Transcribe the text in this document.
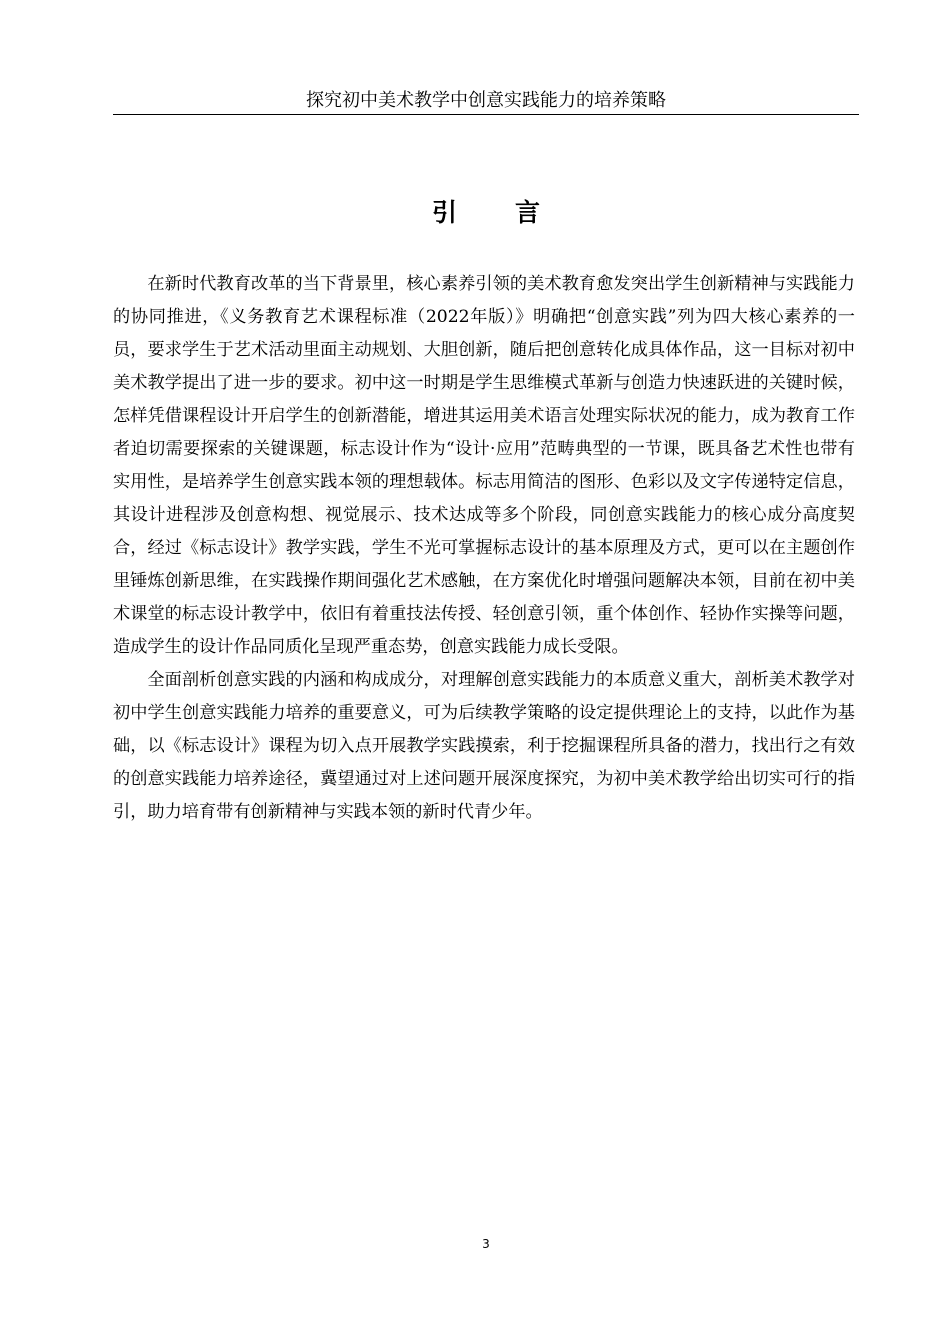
探究初中美术教学中创意实践能力的培养策略
引言

在新时代教育改革的当下背景里，核心素养引领的美术教育愈发突出学生创新精神与实践能力的协同推进，《义务教育艺术课程标准（2022年版）》明确把“创意实践”列为四大核心素养的一员，要求学生于艺术活动里面主动规划、大胆创新，随后把创意转化成具体作品，这一目标对初中美术教学提出了进一步的要求。初中这一时期是学生思维模式革新与创造力快速跃进的关键时候，怎样凭借课程设计开启学生的创新潜能，增进其运用美术语言处理实际状况的能力，成为教育工作者迫切需要探索的关键课题，标志设计作为“设计·应用”范畴典型的一节课，既具备艺术性也带有实用性，是培养学生创意实践本领的理想载体。标志用简洁的图形、色彩以及文字传递特定信息，其设计进程涉及创意构想、视觉展示、技术达成等多个阶段，同创意实践能力的核心成分高度契合，经过《标志设计》教学实践，学生不光可掌握标志设计的基本原理及方式，更可以在主题创作里锤炼创新思维，在实践操作期间强化艺术感触，在方案优化时增强问题解决本领，目前在初中美术课堂的标志设计教学中，依旧有着重技法传授、轻创意引领，重个体创作、轻协作实操等问题，造成学生的设计作品同质化呈现严重态势，创意实践能力成长受限。

全面剖析创意实践的内涵和构成成分，对理解创意实践能力的本质意义重大，剖析美术教学对初中学生创意实践能力培养的重要意义，可为后续教学策略的设定提供理论上的支持，以此作为基础，以《标志设计》课程为切入点开展教学实践摸索，利于挖掘课程所具备的潜力，找出行之有效的创意实践能力培养途径，冀望通过对上述问题开展深度探究，为初中美术教学给出切实可行的指引，助力培育带有创新精神与实践本领的新时代青少年。

3
